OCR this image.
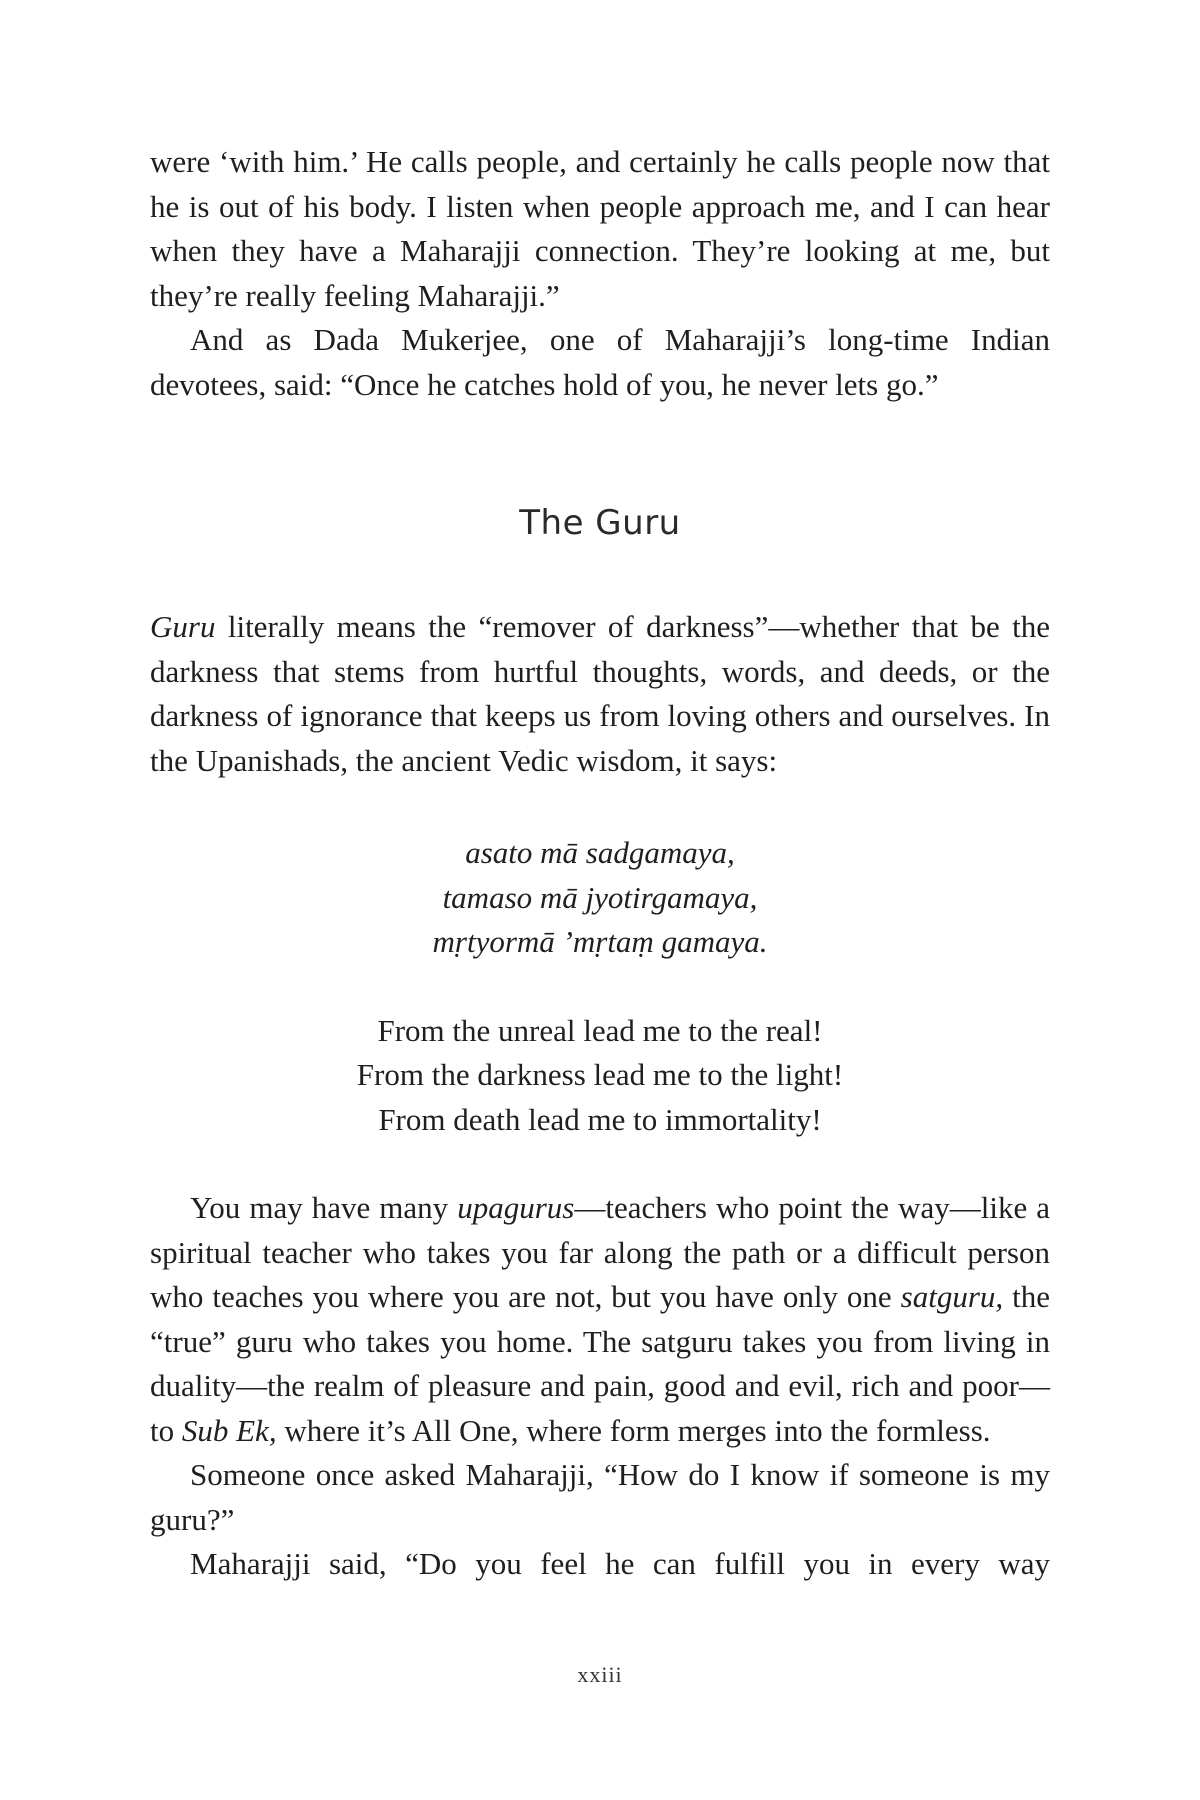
were ‘with him.’ He calls people, and certainly he calls people now that he is out of his body. I listen when people approach me, and I can hear when they have a Maharajji connection. They’re looking at me, but they’re really feeling Maharajji.”

And as Dada Mukerjee, one of Maharajji’s long-time Indian devotees, said: “Once he catches hold of you, he never lets go.”

The Guru

Guru literally means the “remover of darkness”—whether that be the darkness that stems from hurtful thoughts, words, and deeds, or the darkness of ignorance that keeps us from loving others and ourselves. In the Upanishads, the ancient Vedic wisdom, it says:

asato mā sadgamaya,

tamaso mā jyotirgamaya,

mṛtyormā ’mṛtaṃ gamaya.

From the unreal lead me to the real!

From the darkness lead me to the light!

From death lead me to immortality!

You may have many upagurus—teachers who point the way—like a spiritual teacher who takes you far along the path or a difficult person who teaches you where you are not, but you have only one satguru, the “true” guru who takes you home. The satguru takes you from living in duality—the realm of pleasure and pain, good and evil, rich and poor—to Sub Ek, where it’s All One, where form merges into the formless.

Someone once asked Maharajji, “How do I know if someone is my guru?”

Maharajji said, “Do you feel he can fulfill you in every way

xxiii
